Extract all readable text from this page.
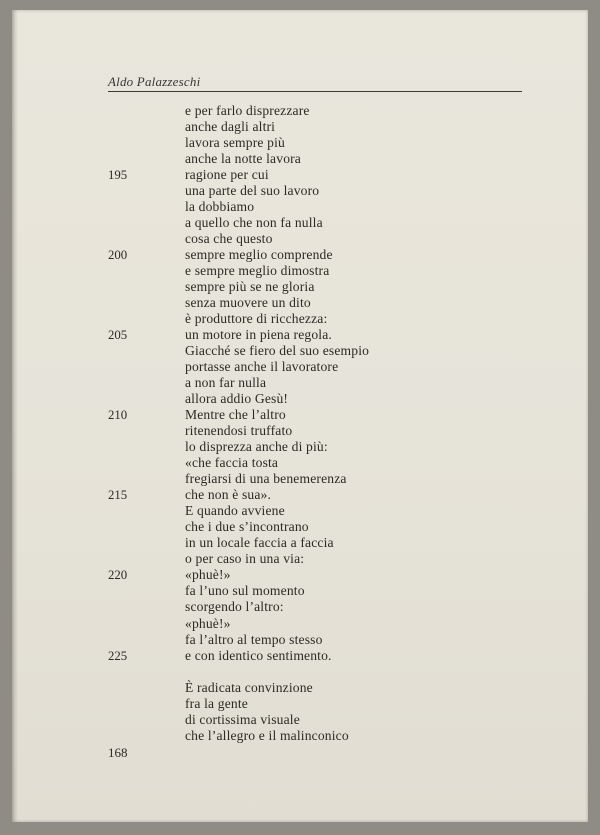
Aldo Palazzeschi
e per farlo disprezzare
anche dagli altri
lavora sempre più
anche la notte lavora
195	ragione per cui
una parte del suo lavoro
la dobbiamo
a quello che non fa nulla
cosa che questo
200	sempre meglio comprende
e sempre meglio dimostra
sempre più se ne gloria
senza muovere un dito
è produttore di ricchezza:
205	un motore in piena regola.
Giacché se fiero del suo esempio
portasse anche il lavoratore
a non far nulla
allora addio Gesù!
210	Mentre che l’altro
ritenendosi truffato
lo disprezza anche di più:
«che faccia tosta
fregiarsi di una benemerenza
215	che non è sua».
E quando avviene
che i due s’incontrano
in un locale faccia a faccia
o per caso in una via:
220	«phuè!»
fa l’uno sul momento
scorgendo l’altro:
«phuè!»
fa l’altro al tempo stesso
225	e con identico sentimento.
È radicata convinzione
fra la gente
di cortissima visuale
che l’allegro e il malinconico
168
